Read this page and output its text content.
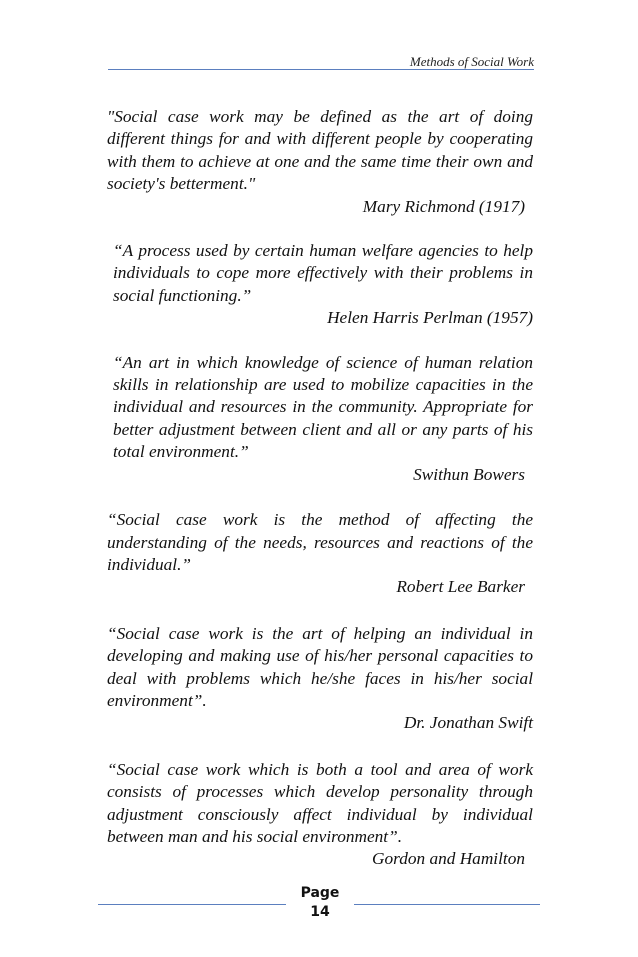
Methods of Social Work

"Social case work may be defined as the art of doing different things for and with different people by cooperating with them to achieve at one and the same time their own and society's betterment."

Mary Richmond (1917)

“A process used by certain human welfare agencies to help individuals to cope more effectively with their problems in social functioning.”

Helen Harris Perlman (1957)

“An art in which knowledge of science of human relation skills in relationship are used to mobilize capacities in the individual and resources in the community. Appropriate for better adjustment between client and all or any parts of his total environment.”

Swithun Bowers

“Social case work is the method of affecting the understanding of the needs, resources and reactions of the individual.”

Robert Lee Barker

“Social case work is the art of helping an individual in developing and making use of his/her personal capacities to deal with problems which he/she faces in his/her social environment”.

Dr. Jonathan Swift

“Social case work which is both a tool and area of work consists of processes which develop personality through adjustment consciously affect individual by individual between man and his social environment”.

Gordon and Hamilton

Page
14
